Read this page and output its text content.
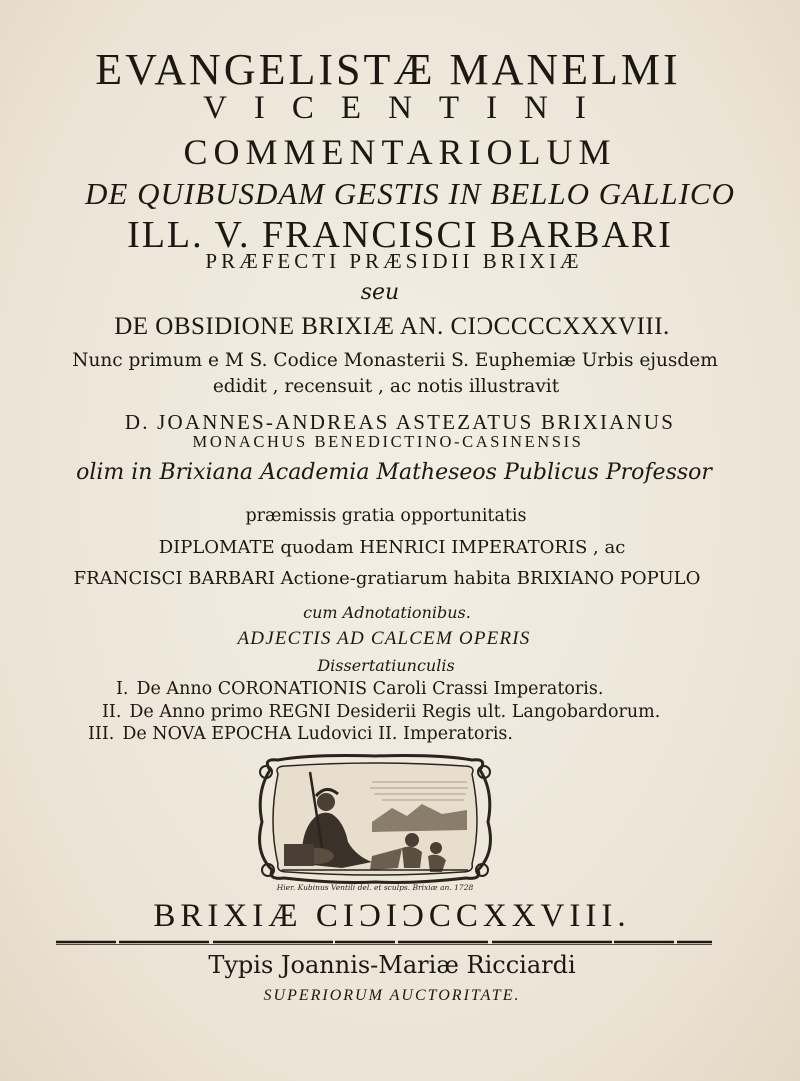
EVANGELISTÆ MANELMI
VICENTINI
COMMENTARIOLUM
DE QUIBUSDAM GESTIS IN BELLO GALLICO
ILL. V. FRANCISCI BARBARI
PRÆFECTI PRÆSIDII BRIXIÆ
seu
DE OBSIDIONE BRIXIÆ AN. CIƆCCCCXXXVIII.
Nunc primum e M S. Codice Monasterii S. Euphemiæ Urbis ejusdem
edidit , recensuit , ac notis illustravit
D. JOANNES-ANDREAS ASTEZATUS BRIXIANUS
MONACHUS BENEDICTINO-CASINENSIS
olim in Brixiana Academia Matheseos Publicus Professor
præmissis gratia opportunitatis
DIPLOMATE quodam HENRICI IMPERATORIS , ac
FRANCISCI BARBARI Actione-gratiarum habita BRIXIANO POPULO
cum Adnotationibus.
ADJECTIS AD CALCEM OPERIS
Dissertatiunculis
I. De Anno CORONATIONIS Caroli Crassi Imperatoris.
II. De Anno primo REGNI Desiderii Regis ult. Langobardorum.
III. De NOVA EPOCHA Ludovici II. Imperatoris.
Hier. Kubinus Ventili del. et sculps. Brixiæ an. 1728
BRIXIÆ CIƆIƆCCXXVIII.
Typis Joannis-Mariæ Ricciardi
SUPERIORUM AUCTORITATE.
